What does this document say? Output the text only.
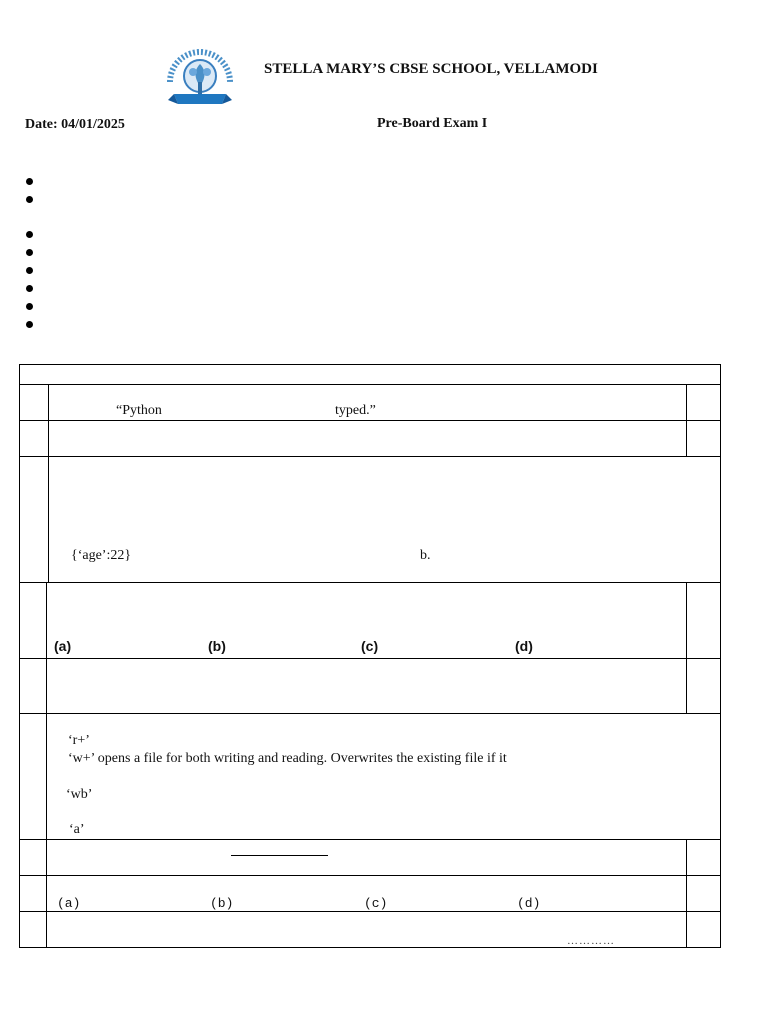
STELLA MARY’S CBSE SCHOOL, VELLAMODI
Date: 04/01/2025	Pre-Board Exam I
“Python	typed.”
{‘age’:22}	b.
(a)	(b)	(c)	(d)
‘r+’
‘w+’ opens a file for both writing and reading. Overwrites the existing file if it
‘wb’
‘a’
(a)	(b)	(c)	(d)
…………
